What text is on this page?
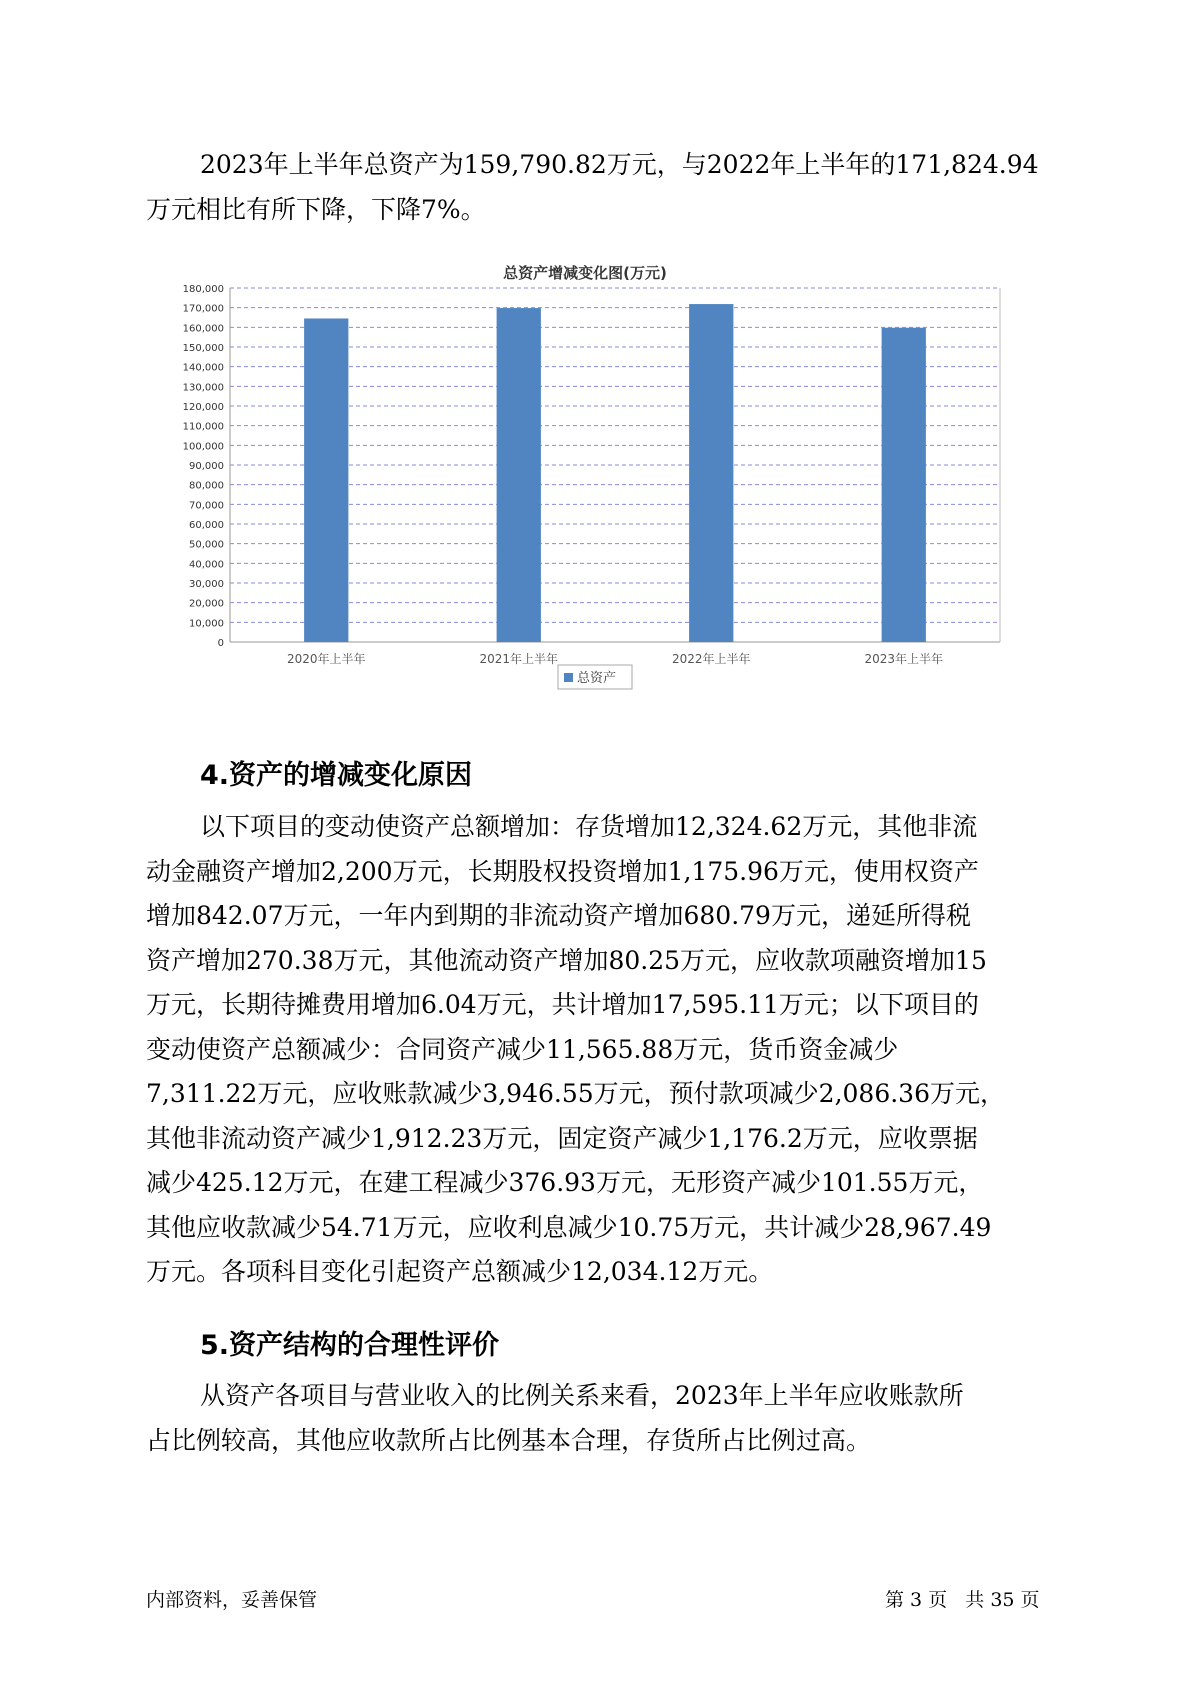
2023年上半年总资产为159,790.82万元，与2022年上半年的171,824.94
万元相比有所下降，下降7%。
总资产增减变化图(万元)
0
10,000
20,000
30,000
40,000
50,000
60,000
70,000
80,000
90,000
100,000
110,000
120,000
130,000
140,000
150,000
160,000
170,000
180,000
2020年上半年	2021年上半年	2022年上半年	2023年上半年
总资产
4.资产的增减变化原因
以下项目的变动使资产总额增加：存货增加12,324.62万元，其他非流
动金融资产增加2,200万元，长期股权投资增加1,175.96万元，使用权资产
增加842.07万元，一年内到期的非流动资产增加680.79万元，递延所得税
资产增加270.38万元，其他流动资产增加80.25万元，应收款项融资增加15
万元，长期待摊费用增加6.04万元，共计增加17,595.11万元；以下项目的
变动使资产总额减少：合同资产减少11,565.88万元，货币资金减少
7,311.22万元，应收账款减少3,946.55万元，预付款项减少2,086.36万元，
其他非流动资产减少1,912.23万元，固定资产减少1,176.2万元，应收票据
减少425.12万元，在建工程减少376.93万元，无形资产减少101.55万元，
其他应收款减少54.71万元，应收利息减少10.75万元，共计减少28,967.49
万元。各项科目变化引起资产总额减少12,034.12万元。
5.资产结构的合理性评价
从资产各项目与营业收入的比例关系来看，2023年上半年应收账款所
占比例较高，其他应收款所占比例基本合理，存货所占比例过高。
内部资料，妥善保管	第 3 页   共 35 页
